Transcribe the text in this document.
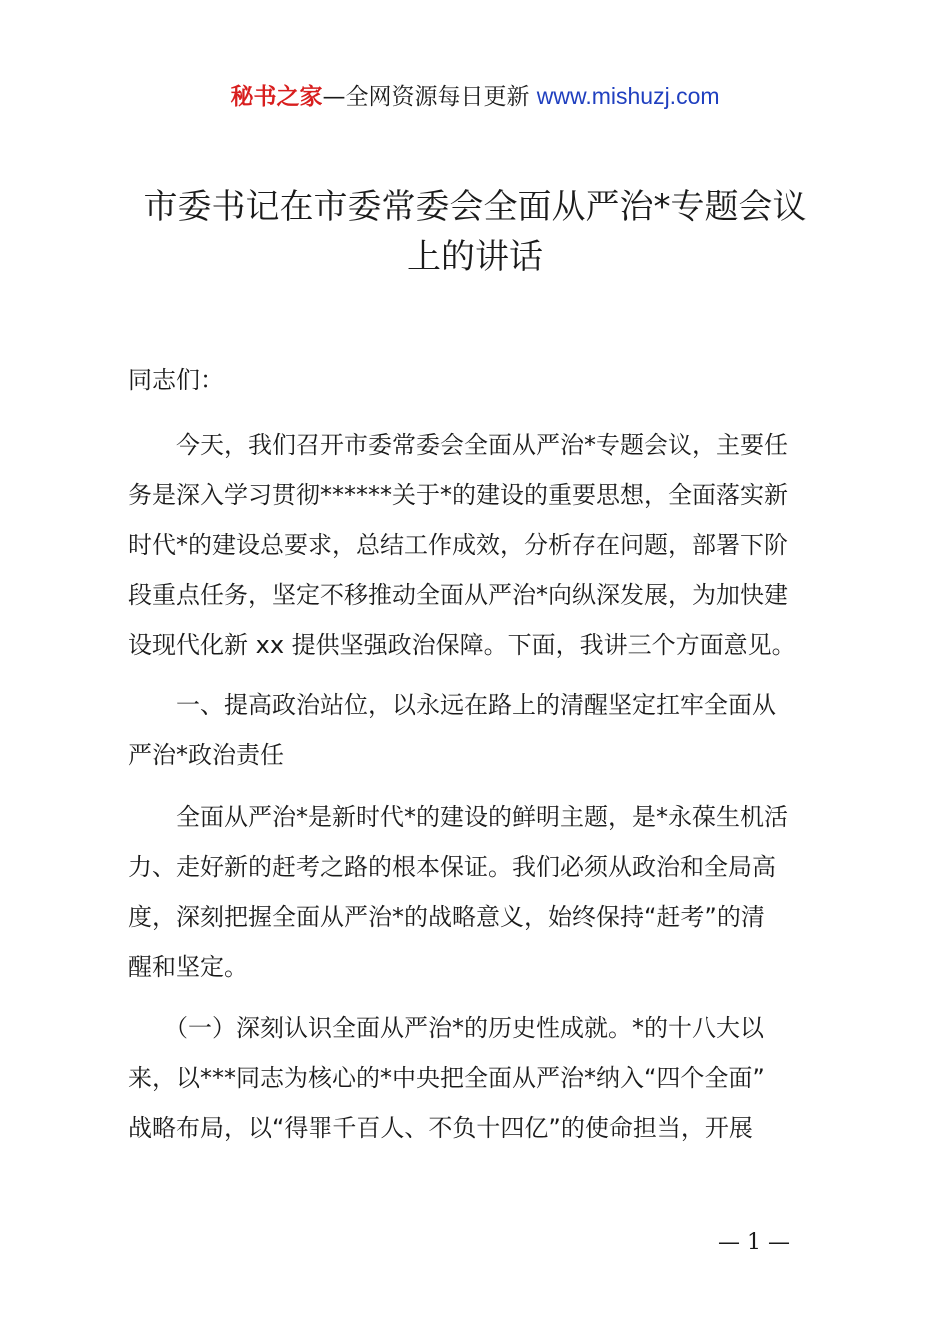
秘书之家—全网资源每日更新 www.mishuzj.com
市委书记在市委常委会全面从严治*专题会议
上的讲话
同志们：
　　今天，我们召开市委常委会全面从严治*专题会议，主要任
务是深入学习贯彻******关于*的建设的重要思想，全面落实新
时代*的建设总要求，总结工作成效，分析存在问题，部署下阶
段重点任务，坚定不移推动全面从严治*向纵深发展，为加快建
设现代化新 xx 提供坚强政治保障。下面，我讲三个方面意见。
　　一、提高政治站位，以永远在路上的清醒坚定扛牢全面从
严治*政治责任
　　全面从严治*是新时代*的建设的鲜明主题，是*永葆生机活
力、走好新的赶考之路的根本保证。我们必须从政治和全局高
度，深刻把握全面从严治*的战略意义，始终保持“赶考”的清
醒和坚定。
　　（一）深刻认识全面从严治*的历史性成就。*的十八大以
来，以***同志为核心的*中央把全面从严治*纳入“四个全面”
战略布局，以“得罪千百人、不负十四亿”的使命担当，开展
— 1 —
